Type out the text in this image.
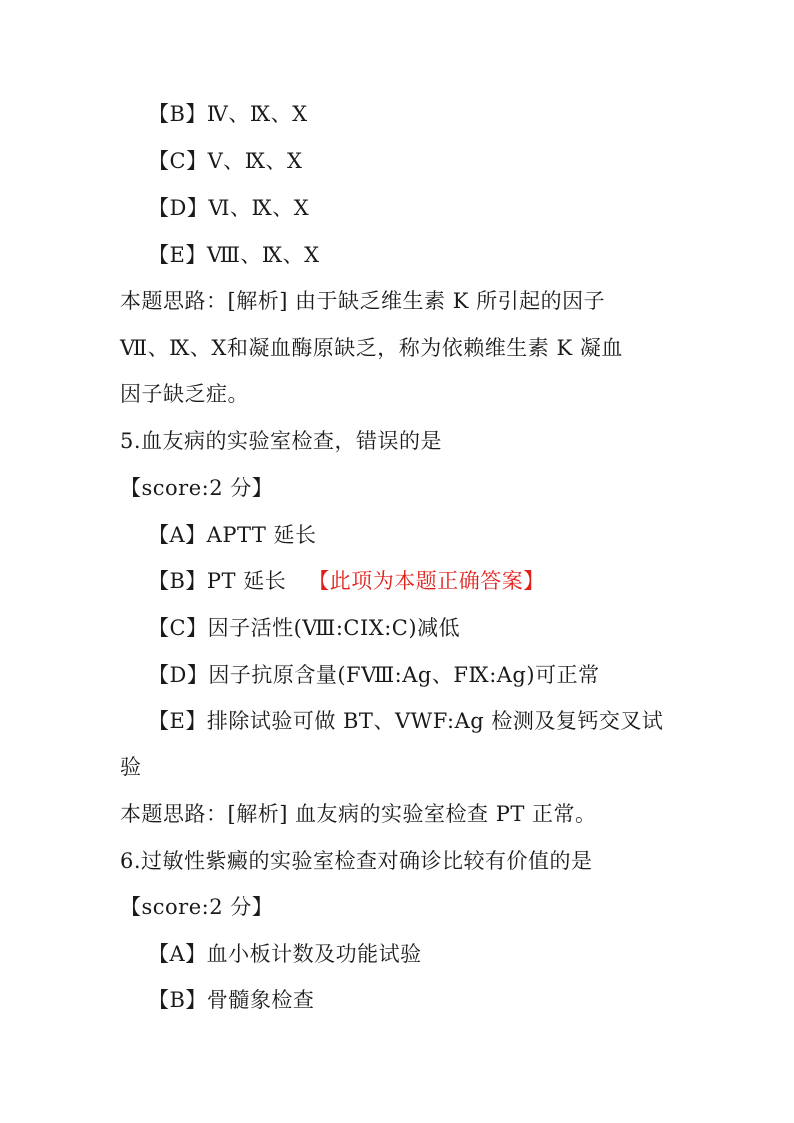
【B】Ⅳ、Ⅸ、Ⅹ
【C】Ⅴ、Ⅸ、Ⅹ
【D】Ⅵ、Ⅸ、Ⅹ
【E】Ⅷ、Ⅸ、Ⅹ
本题思路：[解析] 由于缺乏维生素 K 所引起的因子
Ⅶ、Ⅸ、Ⅹ和凝血酶原缺乏，称为依赖维生素 K 凝血
因子缺乏症。
5.血友病的实验室检查，错误的是
【score:2 分】
【A】APTT 延长
【B】PT 延长 【此项为本题正确答案】
【C】因子活性(Ⅷ:CIX:C)减低
【D】因子抗原含量(FⅧ:Ag、FⅨ:Ag)可正常
【E】排除试验可做 BT、VWF:Ag 检测及复钙交叉试
验
本题思路：[解析] 血友病的实验室检查 PT 正常。
6.过敏性紫癜的实验室检查对确诊比较有价值的是
【score:2 分】
【A】血小板计数及功能试验
【B】骨髓象检查
